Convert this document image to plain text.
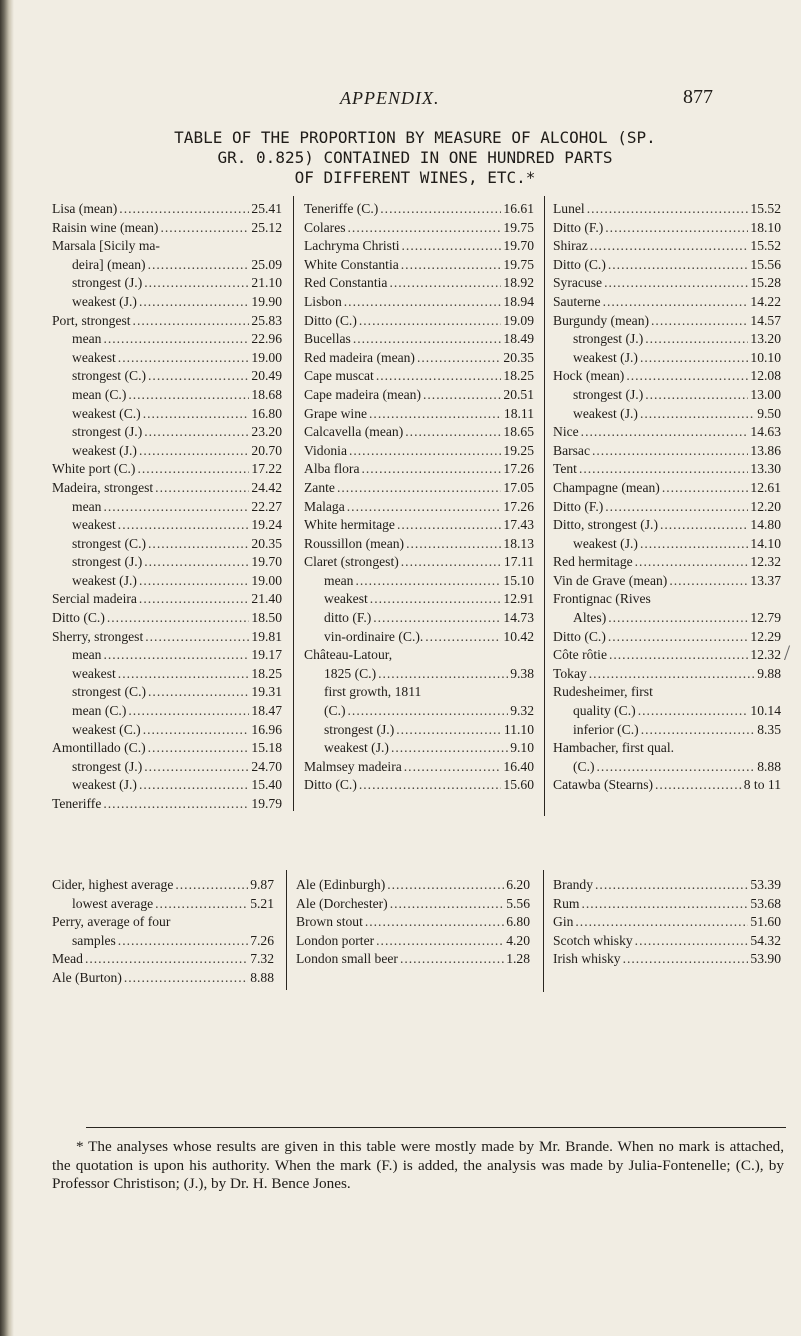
APPENDIX.	877
TABLE OF THE PROPORTION BY MEASURE OF ALCOHOL (SP.
GR. 0.825) CONTAINED IN ONE HUNDRED PARTS
OF DIFFERENT WINES, ETC.*
Lisa (mean) .....	25.41
Raisin wine (mean) .....	25.12
Marsala [Sicily ma-
deira] (mean) .....	25.09
strongest (J.) .....	21.10
weakest (J.) .....	19.90
Port, strongest .....	25.83
mean .....	22.96
weakest .....	19.00
strongest (C.) .....	20.49
mean (C.) .....	18.68
weakest (C.) .....	16.80
strongest (J.) .....	23.20
weakest (J.) .....	20.70
White port (C.) .....	17.22
Madeira, strongest .....	24.42
mean .....	22.27
weakest .....	19.24
strongest (C.) .....	20.35
strongest (J.) .....	19.70
weakest (J.) .....	19.00
Sercial madeira .....	21.40
Ditto (C.) .....	18.50
Sherry, strongest .....	19.81
mean .....	19.17
weakest .....	18.25
strongest (C.) .....	19.31
mean (C.) .....	18.47
weakest (C.) .....	16.96
Amontillado (C.) .....	15.18
strongest (J.) .....	24.70
weakest (J.) .....	15.40
Teneriffe .....	19.79
Teneriffe (C.) .....	16.61
Colares .....	19.75
Lachryma Christi .....	19.70
White Constantia .....	19.75
Red Constantia .....	18.92
Lisbon .....	18.94
Ditto (C.) .....	19.09
Bucellas .....	18.49
Red madeira (mean) .....	20.35
Cape muscat .....	18.25
Cape madeira (mean) .....	20.51
Grape wine .....	18.11
Calcavella (mean) .....	18.65
Vidonia .....	19.25
Alba flora .....	17.26
Zante .....	17.05
Malaga .....	17.26
White hermitage .....	17.43
Roussillon (mean) .....	18.13
Claret (strongest) .....	17.11
mean .....	15.10
weakest .....	12.91
ditto (F.) .....	14.73
vin-ordinaire (C.). .....	10.42
Château-Latour,
1825 (C.) .....	9.38
first growth, 1811
(C.) .....	9.32
strongest (J.) .....	11.10
weakest (J.) .....	9.10
Malmsey madeira .....	16.40
Ditto (C.) .....	15.60
Lunel .....	15.52
Ditto (F.) .....	18.10
Shiraz .....	15.52
Ditto (C.) .....	15.56
Syracuse .....	15.28
Sauterne .....	14.22
Burgundy (mean) .....	14.57
strongest (J.) .....	13.20
weakest (J.) .....	10.10
Hock (mean) .....	12.08
strongest (J.) .....	13.00
weakest (J.) .....	9.50
Nice .....	14.63
Barsac .....	13.86
Tent .....	13.30
Champagne (mean) .....	12.61
Ditto (F.) .....	12.20
Ditto, strongest (J.) .....	14.80
weakest (J.) .....	14.10
Red hermitage .....	12.32
Vin de Grave (mean) .....	13.37
Frontignac (Rives
Altes) .....	12.79
Ditto (C.) .....	12.29
Côte rôtie .....	12.32
Tokay .....	9.88
Rudesheimer, first
quality (C.) .....	10.14
inferior (C.) .....	8.35
Hambacher, first qual.
(C.) .....	8.88
Catawba (Stearns) .....	8 to 11
Cider, highest average .....	9.87
lowest average .....	5.21
Perry, average of four
samples .....	7.26
Mead .....	7.32
Ale (Burton) .....	8.88
Ale (Edinburgh) .....	6.20
Ale (Dorchester) .....	5.56
Brown stout .....	6.80
London porter .....	4.20
London small beer .....	1.28
Brandy .....	53.39
Rum .....	53.68
Gin .....	51.60
Scotch whisky .....	54.32
Irish whisky .....	53.90
* The analyses whose results are given in this table were mostly made by Mr. Brande. When no mark is attached, the quotation is upon his authority. When the mark (F.) is added, the analysis was made by Julia-Fontenelle; (C.), by Professor Christison; (J.), by Dr. H. Bence Jones.
/
